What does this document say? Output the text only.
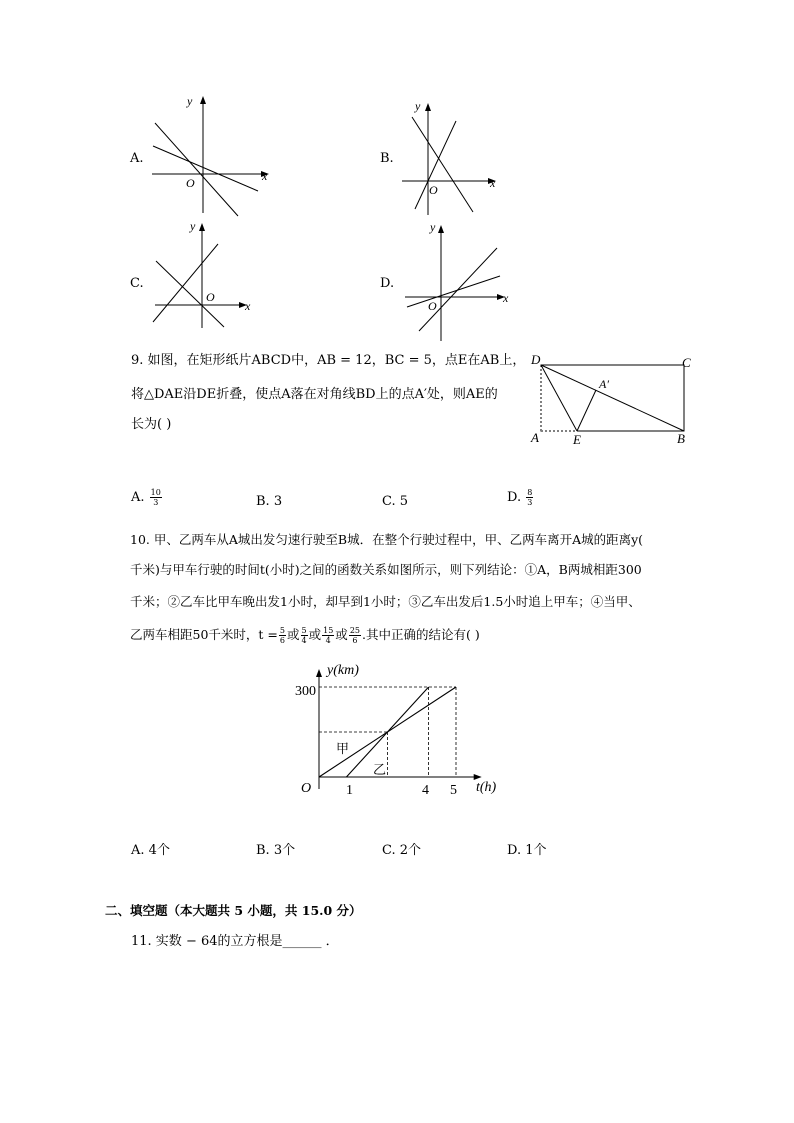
A.
O	x
y
B.
O	x
y
C.
O
x
y
D.
O
x
y
9. 如图，在矩形纸片ABCD中，AB = 12，BC = 5，点E在AB上，
将△DAE沿DE折叠，使点A落在对角线BD上的点A′处，则AE的
长为( )
D	C
A′
A	E	B
A. $\frac{10}{3}$	B. 3	C. 5	D. $\frac{8}{3}$
10. 甲、乙两车从A城出发匀速行驶至B城．在整个行驶过程中，甲、乙两车离开A城的距离y(
千米)与甲车行驶的时间t(小时)之间的函数关系如图所示，则下列结论：①A，B两城相距300
千米；②乙车比甲车晚出发1小时，却早到1小时；③乙车出发后1.5小时追上甲车；④当甲、
乙两车相距50千米时，$t = \frac{5}{6}$ 或 $\frac{5}{4}$ 或 $\frac{15}{4}$ 或 $\frac{25}{6}$ .其中正确的结论有( )
y(km)
t(h)
O
300
1	4 5
甲
乙
A. 4个	B. 3个	C. 2个	D. 1个
二、填空题（本大题共 5 小题，共 15.0 分）
11. 实数 − 64的立方根是______ ．
